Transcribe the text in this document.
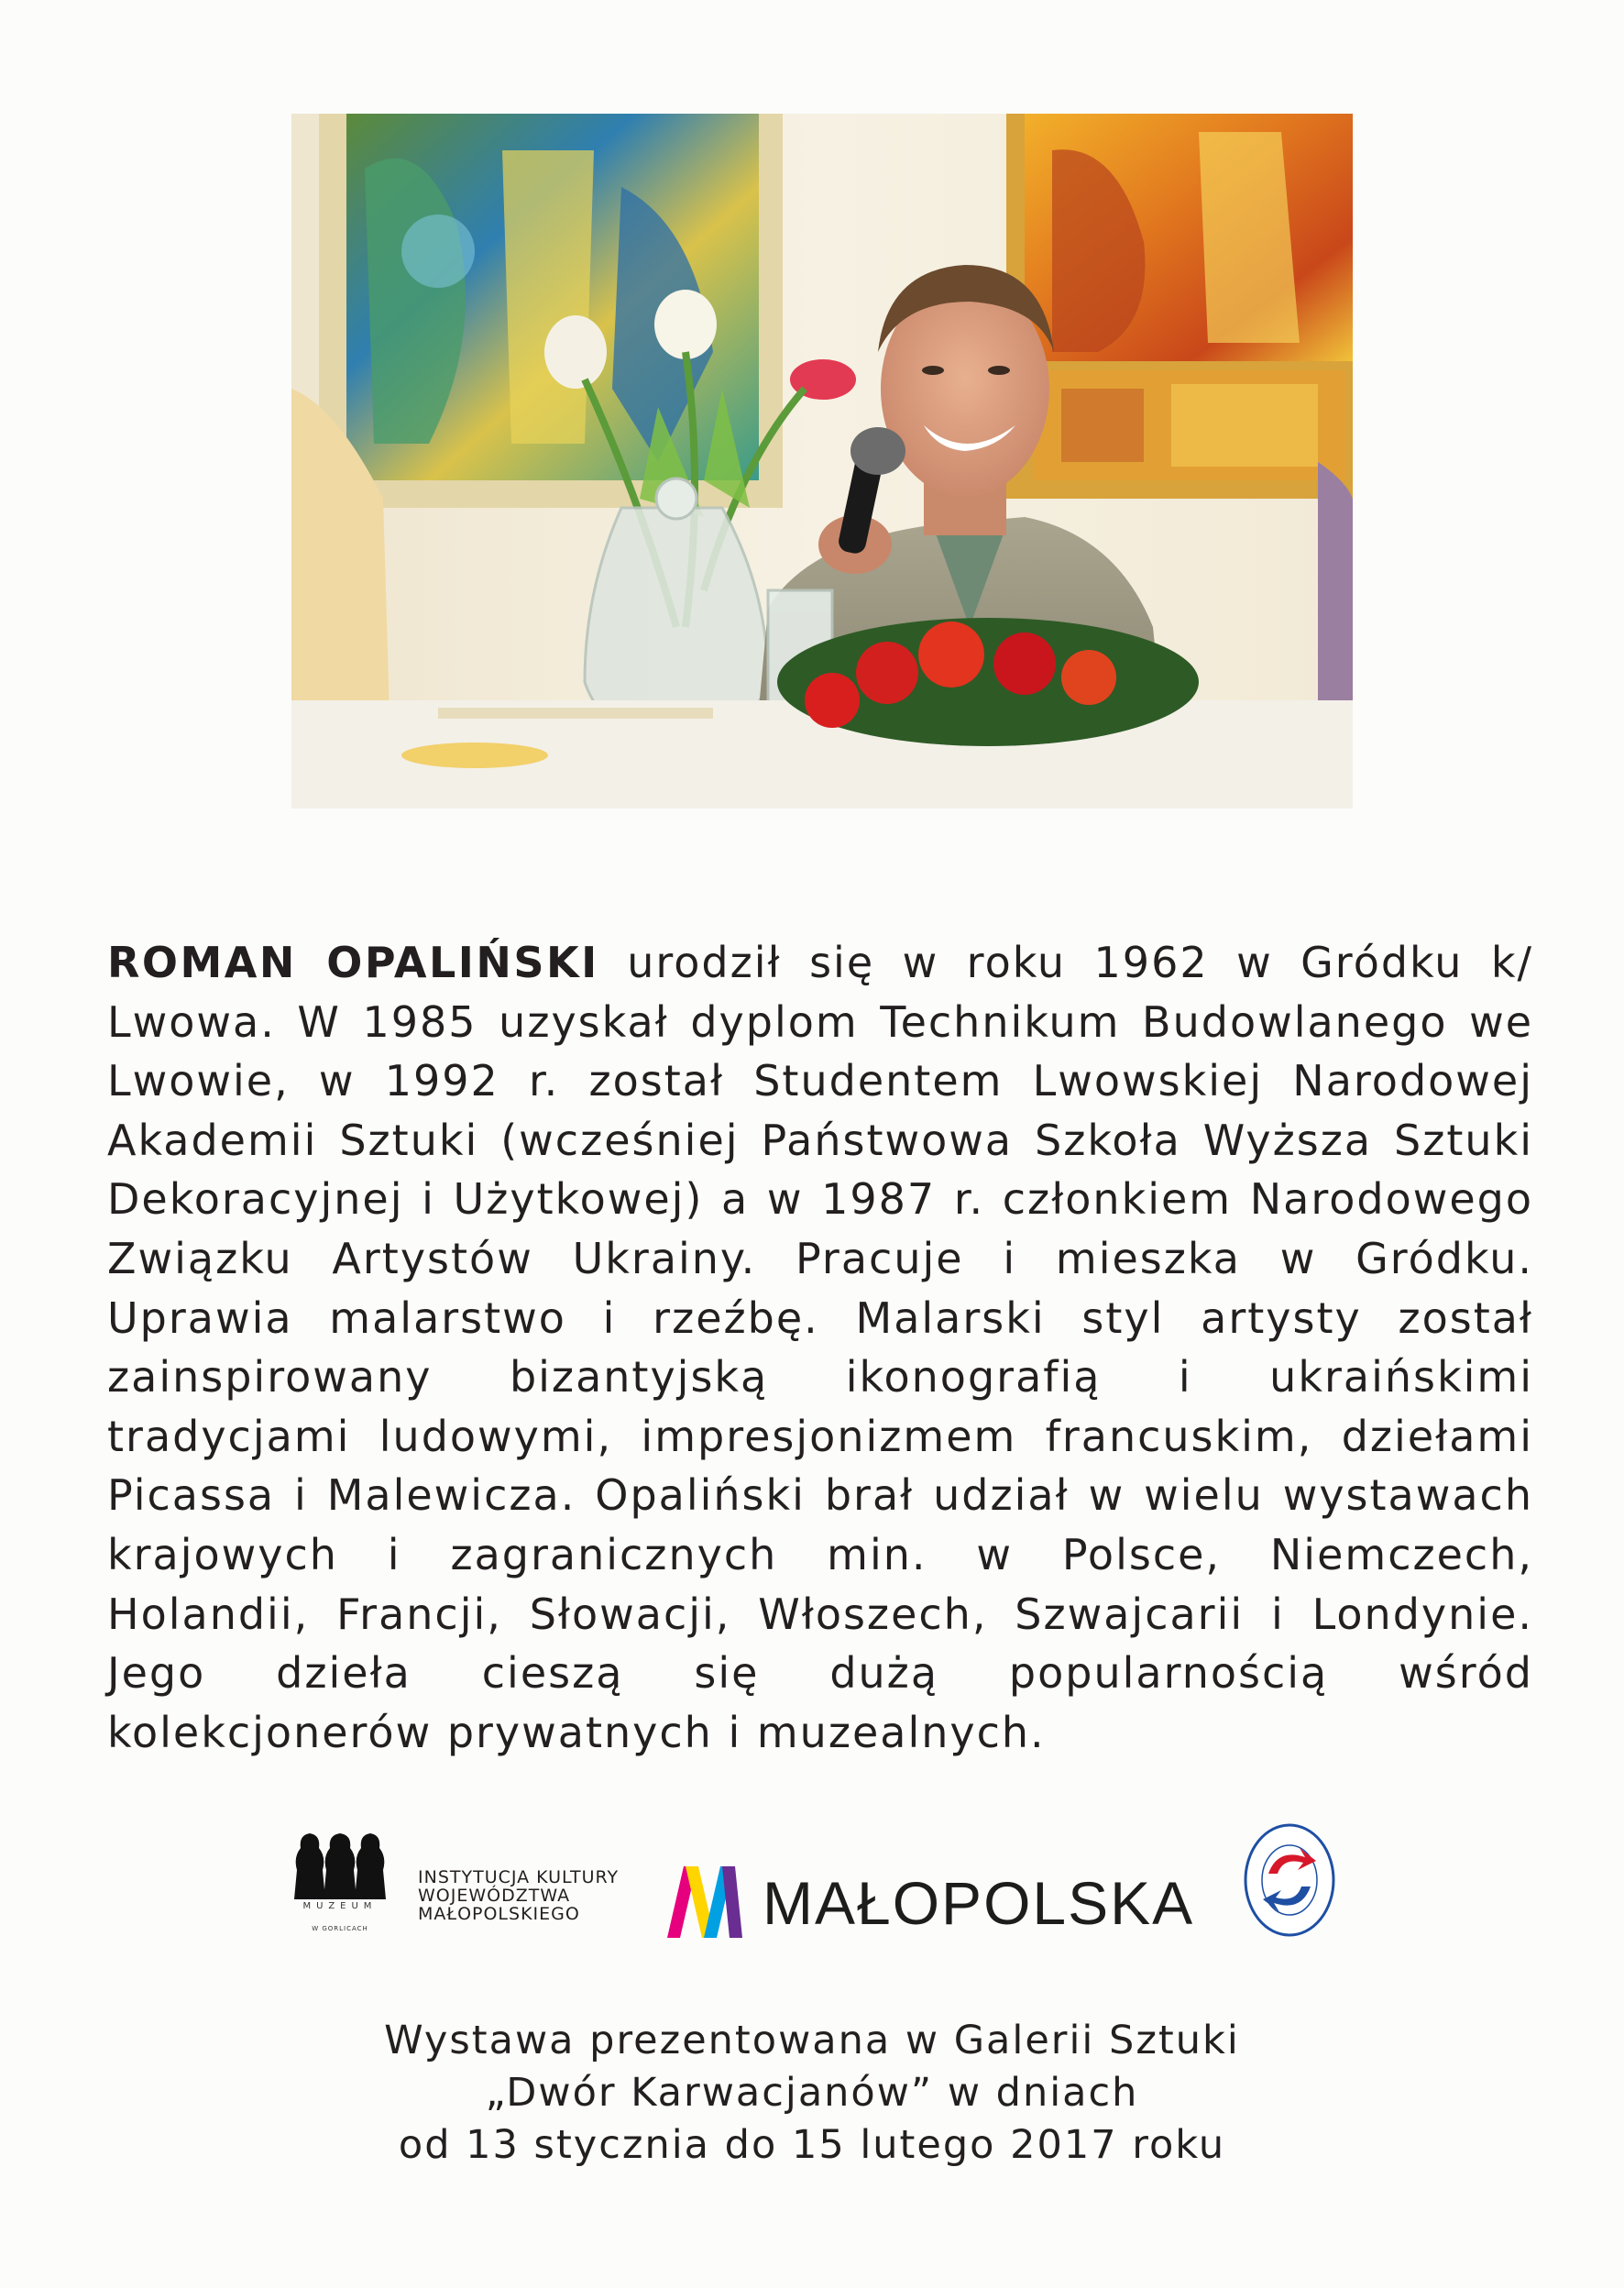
ROMAN OPALIŃSKI urodził się w roku 1962 w Gródku k/ Lwowa. W 1985 uzyskał dyplom Technikum Budowlanego we Lwowie, w 1992 r. został Studentem Lwowskiej Narodowej Akademii Sztuki (wcześniej Państwowa Szkoła Wyższa Sztuki Dekoracyjnej i Użytkowej) a w 1987 r. członkiem Narodowego Związku Artystów Ukrainy. Pracuje i mieszka w Gródku. Uprawia malarstwo i rzeźbę. Malarski styl artysty został zainspirowany bizantyjską ikonografią i ukraińskimi tradycjami ludowymi, impresjonizmem francuskim, dziełami Picassa i Malewicza. Opaliński brał udział w wielu wystawach krajowych i zagranicznych min. w Polsce, Niemczech, Holandii, Francji, Słowacji, Włoszech, Szwajcarii i Londynie. Jego dzieła cieszą się dużą popularnością wśród kolekcjonerów prywatnych i muzealnych.

MUZEUM
W GORLICACH
INSTYTUCJA KULTURY
WOJEWÓDZTWA
MAŁOPOLSKIEGO	MAŁOPOLSKA
Wystawa prezentowana w Galerii Sztuki
„Dwór Karwacjanów” w dniach
od 13 stycznia do 15 lutego 2017 roku
